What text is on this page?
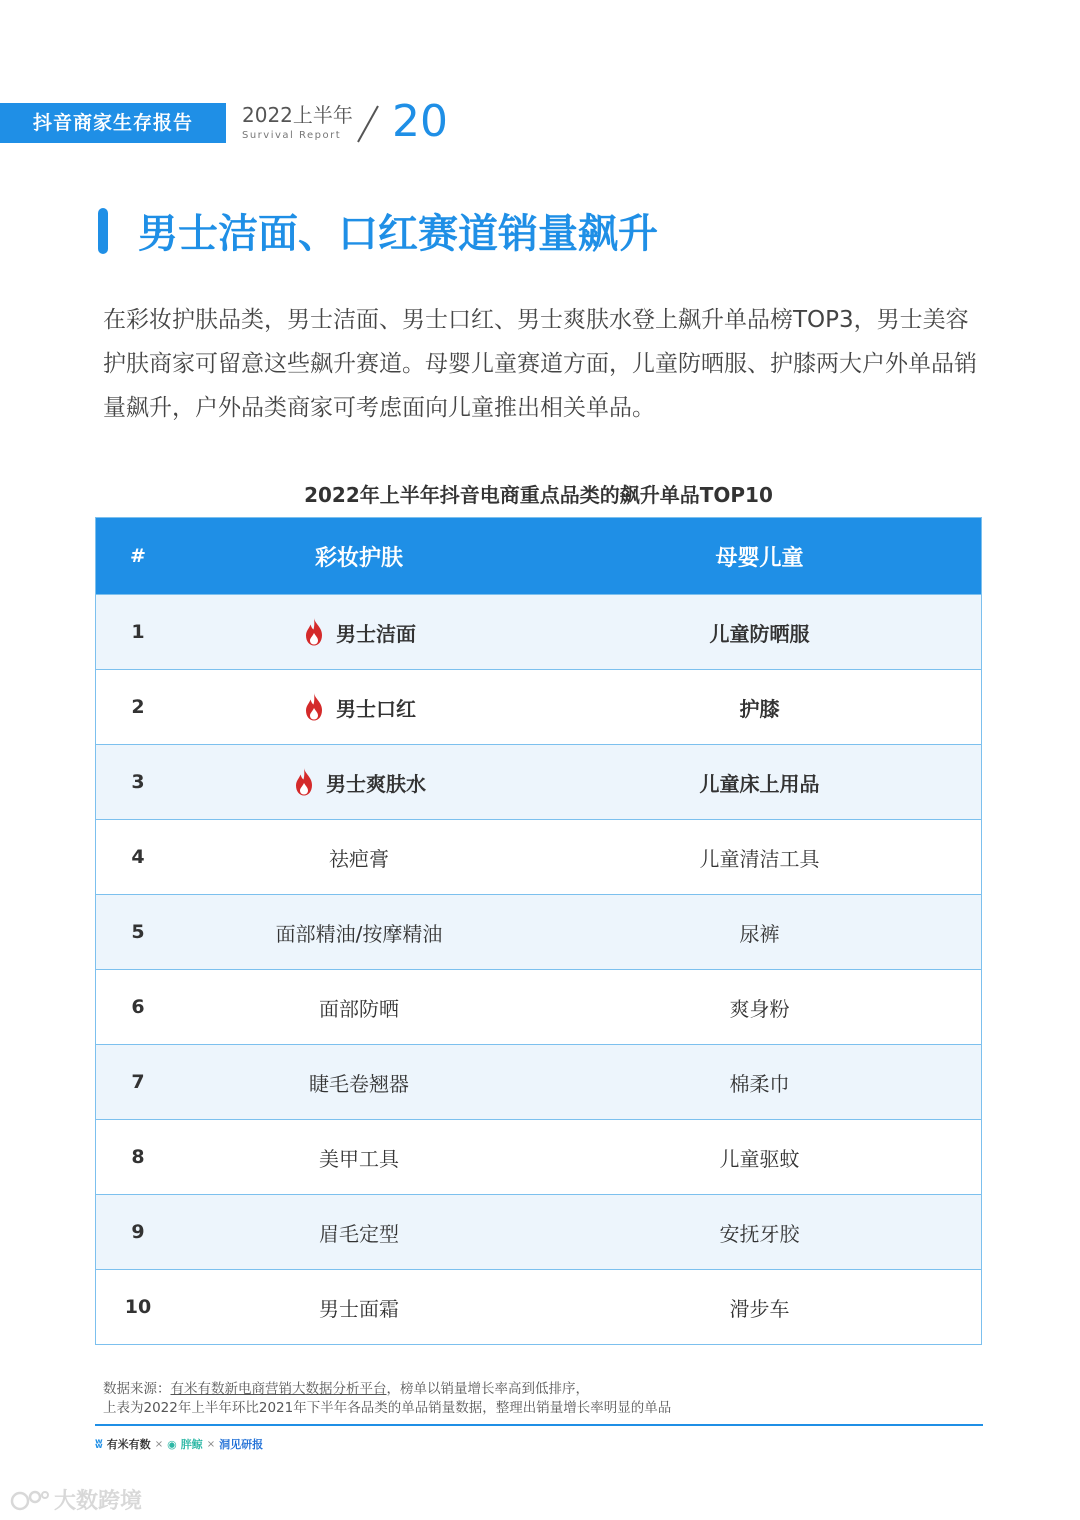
抖音商家生存报告	2022上半年
Survival Report 20
男士洁面、口红赛道销量飙升
在彩妆护肤品类，男士洁面、男士口红、男士爽肤水登上飙升单品榜TOP3，男士美容护肤商家可留意这些飙升赛道。母婴儿童赛道方面，儿童防晒服、护膝两大户外单品销量飙升，户外品类商家可考虑面向儿童推出相关单品。
2022年上半年抖音电商重点品类的飙升单品TOP10
#	彩妆护肤	母婴儿童
1	男士洁面	儿童防晒服
2	男士口红	护膝
3	男士爽肤水	儿童床上用品
4	祛疤膏	儿童清洁工具
5	面部精油/按摩精油	尿裤
6	面部防晒	爽身粉
7	睫毛卷翘器	棉柔巾
8	美甲工具	儿童驱蚊
9	眉毛定型	安抚牙胶
10	男士面霜	滑步车
数据来源：有米有数新电商营销大数据分析平台，榜单以销量增长率高到低排序，
上表为2022年上半年环比2021年下半年各品类的单品销量数据，整理出销量增长率明显的单品
ʬ 有米有数 × ◉ 胖鲸 × 洞见研报
大数跨境
